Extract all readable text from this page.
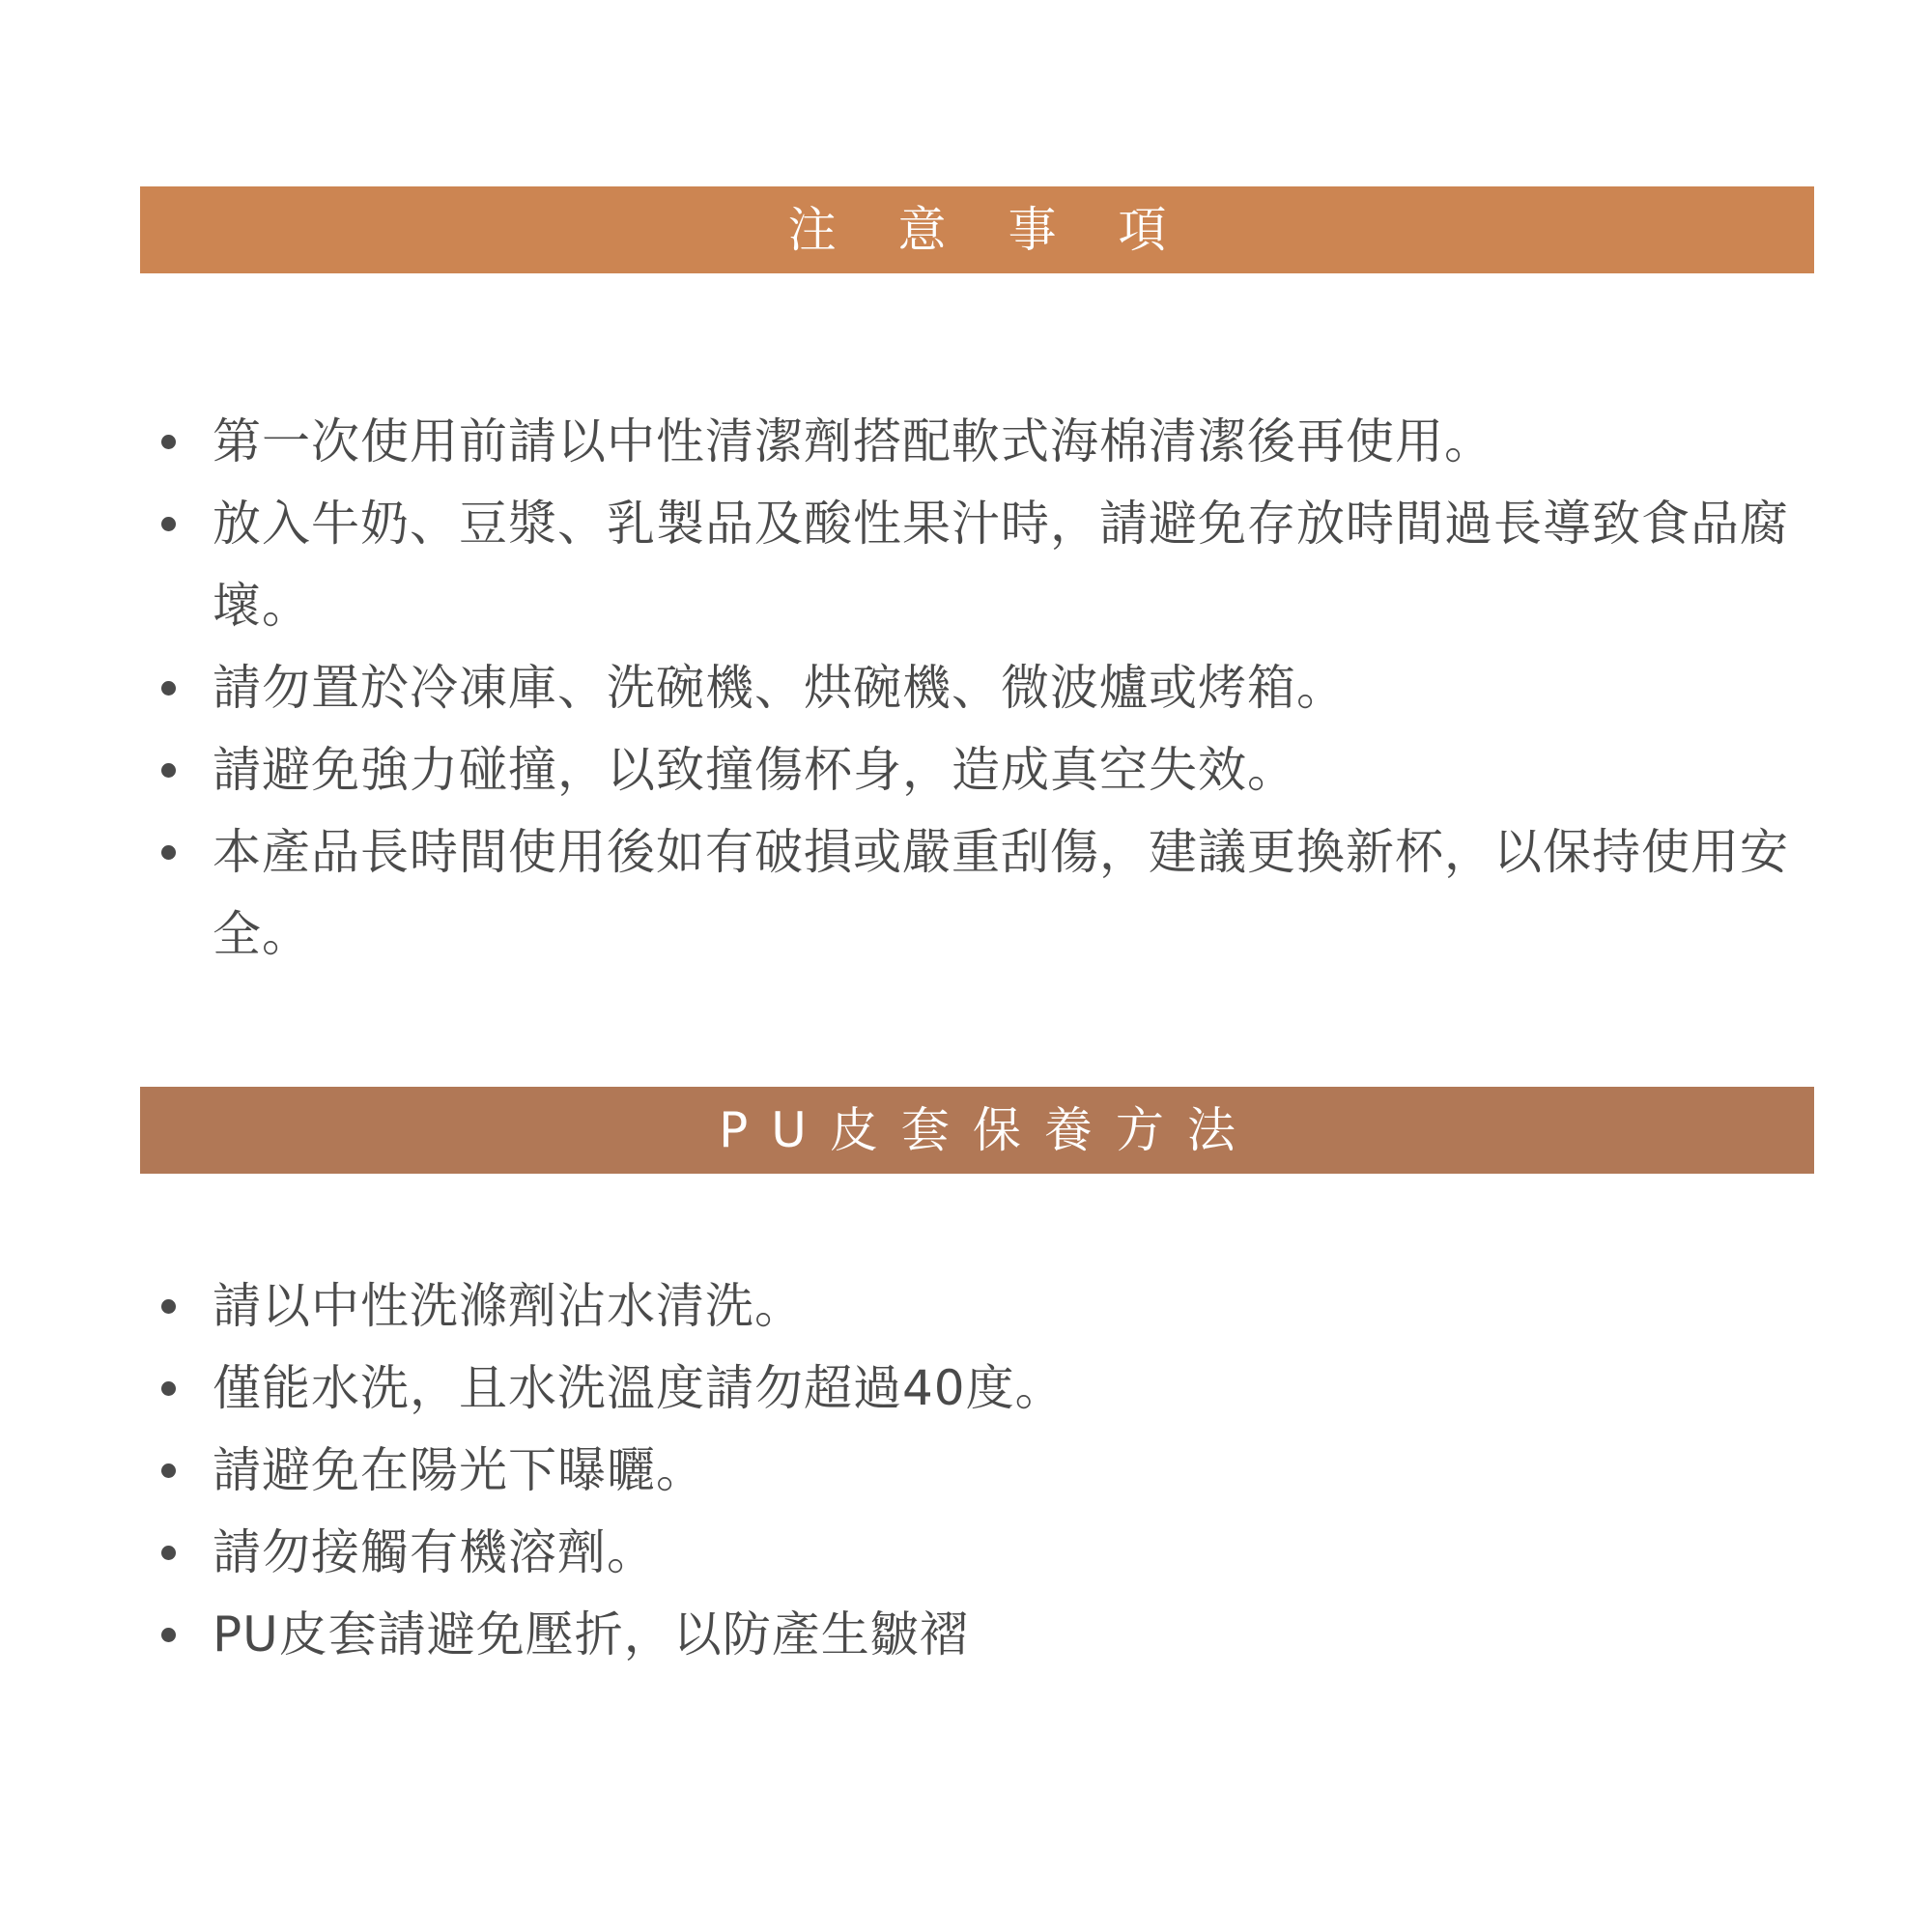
注 意 事 項
第一次使用前請以中性清潔劑搭配軟式海棉清潔後再使用。
放入牛奶、豆漿、乳製品及酸性果汁時，請避免存放時間過長導致食品腐壞。
請勿置於冷凍庫、洗碗機、烘碗機、微波爐或烤箱。
請避免強力碰撞，以致撞傷杯身，造成真空失效。
本產品長時間使用後如有破損或嚴重刮傷，建議更換新杯，以保持使用安全。
PU皮套保養方法
請以中性洗滌劑沾水清洗。
僅能水洗，且水洗溫度請勿超過40度。
請避免在陽光下曝曬。
請勿接觸有機溶劑。
PU皮套請避免壓折，以防產生皺褶
